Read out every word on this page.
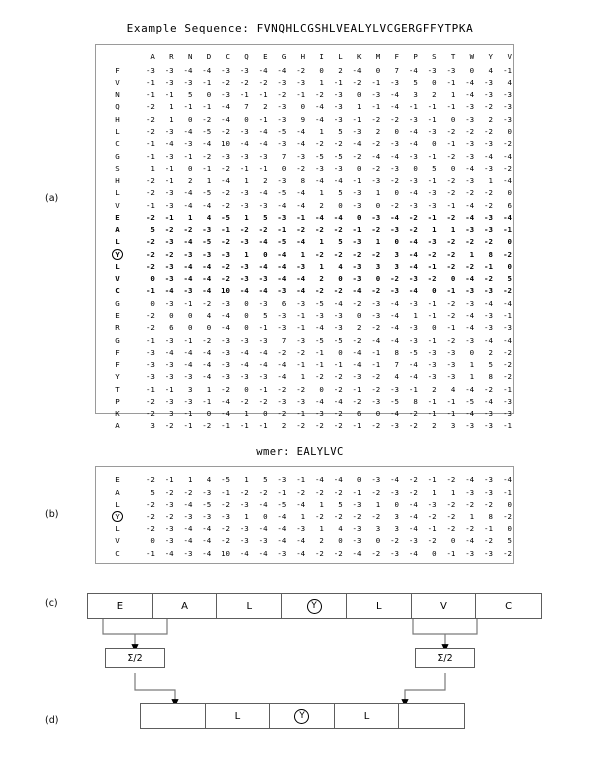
(a)
Example Sequence: FVNQHLCGSHLVEALYLVCGERGFFYTPKA
	A	R	N	D	C	Q	E	G	H	I	L	K	M	F	P	S	T	W	Y	V
F	-3	-3	-4	-4	-3	-3	-4	-4	-2	0	2	-4	0	7	-4	-3	-3	0	4	-1
V	-1	-3	-3	-1	-2	-2	-2	-3	-3	1	-1	-2	-1	-3	5	0	-1	-4	-3	4
N	-1	-1	5	0	-3	-1	-1	-2	-1	-2	-3	0	-3	-4	3	2	1	-4	-3	-3
Q	-2	1	-1	-1	-4	7	2	-3	0	-4	-3	1	-1	-4	-1	-1	-1	-3	-2	-3
H	-2	1	0	-2	-4	0	-1	-3	9	-4	-3	-1	-2	-2	-3	-1	0	-3	2	-3
L	-2	-3	-4	-5	-2	-3	-4	-5	-4	1	5	-3	2	0	-4	-3	-2	-2	-2	0
C	-1	-4	-3	-4	10	-4	-4	-3	-4	-2	-2	-4	-2	-3	-4	0	-1	-3	-3	-2
G	-1	-3	-1	-2	-3	-3	-3	7	-3	-5	-5	-2	-4	-4	-3	-1	-2	-3	-4	-4
S	1	-1	0	-1	-2	-1	-1	0	-2	-3	-3	0	-2	-3	0	5	0	-4	-3	-2
H	-2	-1	2	1	-4	1	2	-3	8	-4	-4	-1	-3	-2	-3	-1	-2	-3	1	-4
L	-2	-3	-4	-5	-2	-3	-4	-5	-4	1	5	-3	1	0	-4	-3	-2	-2	-2	0
V	-1	-3	-4	-4	-2	-3	-3	-4	-4	2	0	-3	0	-2	-3	-3	-1	-4	-2	6
E	-2	-1	1	4	-5	1	5	-3	-1	-4	-4	0	-3	-4	-2	-1	-2	-4	-3	-4
A	5	-2	-2	-3	-1	-2	-2	-1	-2	-2	-2	-1	-2	-3	-2	1	1	-3	-3	-1
L	-2	-3	-4	-5	-2	-3	-4	-5	-4	1	5	-3	1	0	-4	-3	-2	-2	-2	0
Y	-2	-2	-3	-3	-3	1	0	-4	1	-2	-2	-2	-2	3	-4	-2	-2	1	8	-2
L	-2	-3	-4	-4	-2	-3	-4	-4	-3	1	4	-3	3	3	-4	-1	-2	-2	-1	0
V	0	-3	-4	-4	-2	-3	-3	-4	-4	2	0	-3	0	-2	-3	-2	0	-4	-2	5
C	-1	-4	-3	-4	10	-4	-4	-3	-4	-2	-2	-4	-2	-3	-4	0	-1	-3	-3	-2
G	0	-3	-1	-2	-3	0	-3	6	-3	-5	-4	-2	-3	-4	-3	-1	-2	-3	-4	-4
E	-2	0	0	4	-4	0	5	-3	-1	-3	-3	0	-3	-4	1	-1	-2	-4	-3	-1
R	-2	6	0	0	-4	0	-1	-3	-1	-4	-3	2	-2	-4	-3	0	-1	-4	-3	-3
G	-1	-3	-1	-2	-3	-3	-3	7	-3	-5	-5	-2	-4	-4	-3	-1	-2	-3	-4	-4
F	-3	-4	-4	-4	-3	-4	-4	-2	-2	-1	0	-4	-1	8	-5	-3	-3	0	2	-2
F	-3	-3	-4	-4	-3	-4	-4	-4	-1	-1	-1	-4	-1	7	-4	-3	-3	1	5	-2
Y	-3	-3	-3	-4	-3	-3	-3	-4	1	-2	-2	-3	-2	4	-4	-3	-3	1	8	-2
T	-1	-1	3	1	-2	0	-1	-2	-2	0	-2	-1	-2	-3	-1	2	4	-4	-2	-1
P	-2	-3	-3	-1	-4	-2	-2	-3	-3	-4	-4	-2	-3	-5	8	-1	-1	-5	-4	-3
K	-2	3	-1	0	-4	1	0	-2	-1	-3	-2	6	0	-4	-2	-1	-1	-4	-3	-3
A	3	-2	-1	-2	-1	-1	-1	2	-2	-2	-2	-1	-2	-3	-2	2	3	-3	-3	-1
(b)
wmer: EALYLVC
E	-2	-1	1	4	-5	1	5	-3	-1	-4	-4	0	-3	-4	-2	-1	-2	-4	-3	-4
A	5	-2	-2	-3	-1	-2	-2	-1	-2	-2	-2	-1	-2	-3	-2	1	1	-3	-3	-1
L	-2	-3	-4	-5	-2	-3	-4	-5	-4	1	5	-3	1	0	-4	-3	-2	-2	-2	0
Y	-2	-2	-3	-3	-3	1	0	-4	1	-2	-2	-2	-2	3	-4	-2	-2	1	8	-2
L	-2	-3	-4	-4	-2	-3	-4	-4	-3	1	4	-3	3	3	-4	-1	-2	-2	-1	0
V	0	-3	-4	-4	-2	-3	-3	-4	-4	2	0	-3	0	-2	-3	-2	0	-4	-2	5
C	-1	-4	-3	-4	10	-4	-4	-3	-4	-2	-2	-4	-2	-3	-4	0	-1	-3	-3	-2
(c)	E	A	L	Y	L	V	C
Σ/2	Σ/2
(d)	L	Y	L
